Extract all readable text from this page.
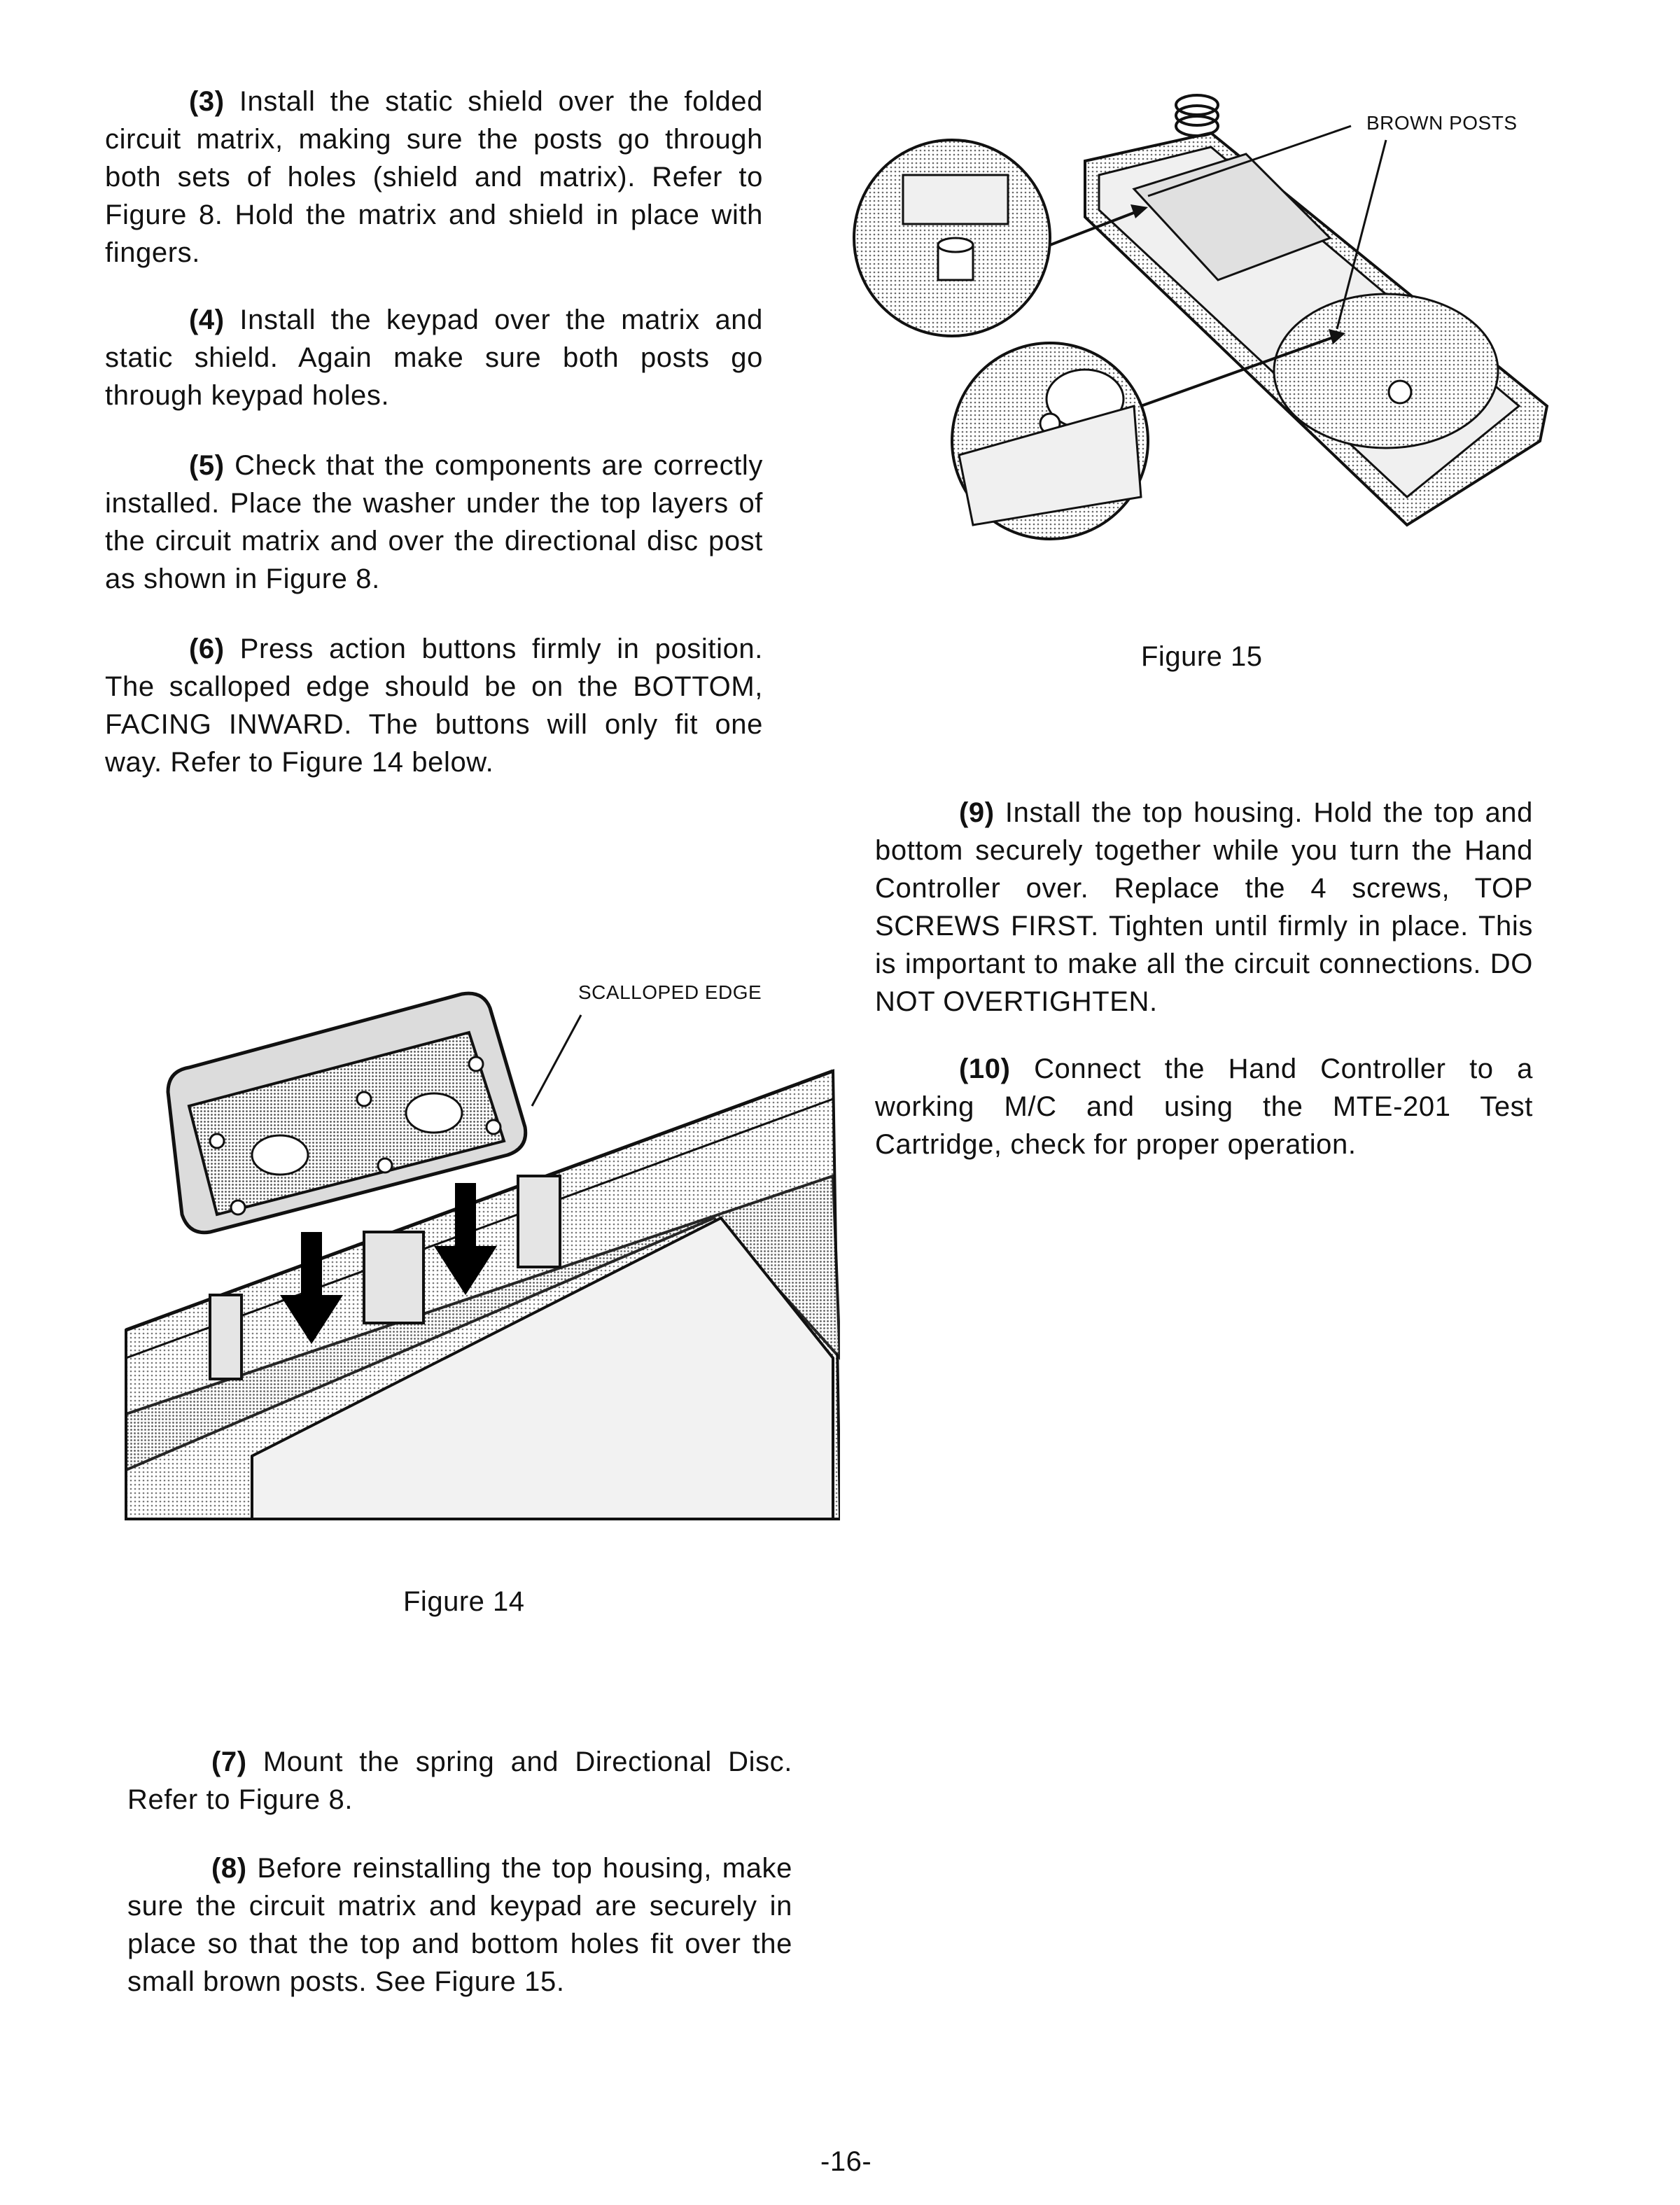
(3) Install the static shield over the folded circuit matrix, making sure the posts go through both sets of holes (shield and matrix). Refer to Figure 8. Hold the matrix and shield in place with fingers.

(4) Install the keypad over the matrix and static shield. Again make sure both posts go through keypad holes.

(5) Check that the components are correctly installed. Place the washer under the top layers of the circuit matrix and over the directional disc post as shown in Figure 8.

(6) Press action buttons firmly in position. The scalloped edge should be on the BOTTOM, FACING INWARD. The buttons will only fit one way. Refer to Figure 14 below.

SCALLOPED EDGE
Figure 14

(7) Mount the spring and Directional Disc. Refer to Figure 8.

(8) Before reinstalling the top housing, make sure the circuit matrix and keypad are securely in place so that the top and bottom holes fit over the small brown posts. See Figure 15.

BROWN POSTS
Figure 15

(9) Install the top housing. Hold the top and bottom securely together while you turn the Hand Controller over. Replace the 4 screws, TOP SCREWS FIRST. Tighten until firmly in place. This is important to make all the circuit connections. DO NOT OVERTIGHTEN.

(10) Connect the Hand Controller to a working M/C and using the MTE-201 Test Cartridge, check for proper operation.

-16-
